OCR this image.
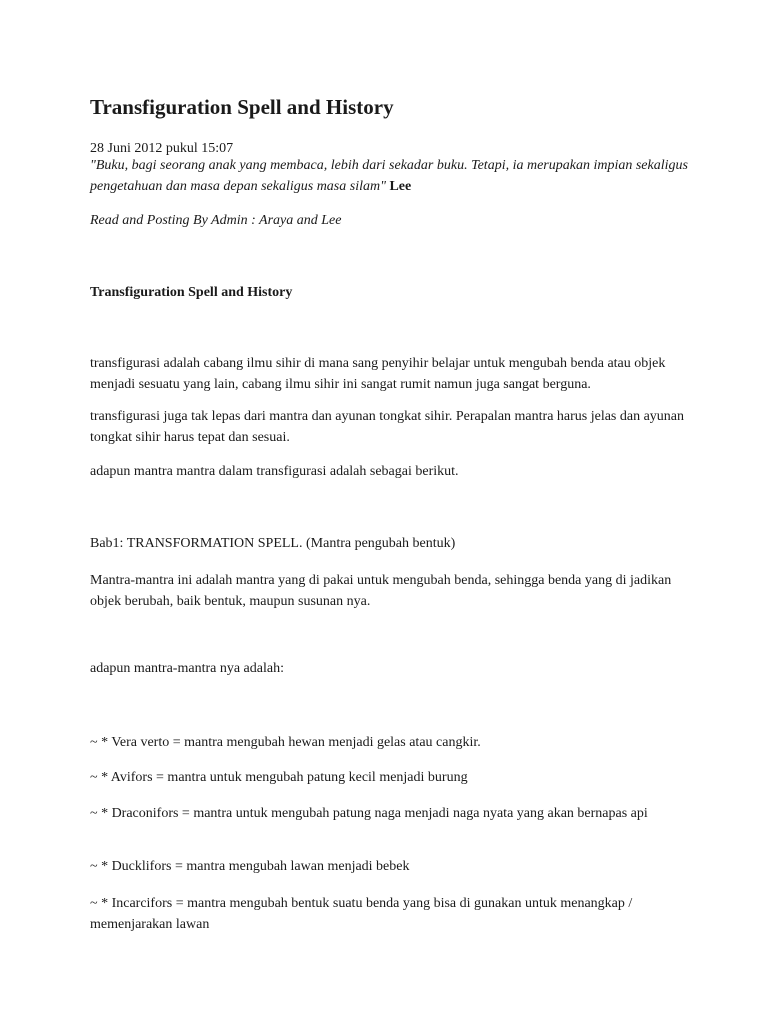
Transfiguration Spell and History
28 Juni 2012 pukul 15:07
"Buku, bagi seorang anak yang membaca, lebih dari sekadar buku. Tetapi, ia merupakan impian sekaligus pengetahuan dan masa depan sekaligus masa silam" Lee
Read and Posting By Admin : Araya and Lee
Transfiguration Spell and History
transfigurasi adalah cabang ilmu sihir di mana sang penyihir belajar untuk mengubah benda atau objek menjadi sesuatu yang lain, cabang ilmu sihir ini sangat rumit namun juga sangat berguna.
transfigurasi juga tak lepas dari mantra dan ayunan tongkat sihir. Perapalan mantra harus jelas dan ayunan tongkat sihir harus tepat dan sesuai.
adapun mantra mantra dalam transfigurasi adalah sebagai berikut.
Bab1: TRANSFORMATION SPELL. (Mantra pengubah bentuk)
Mantra-mantra ini adalah mantra yang di pakai untuk mengubah benda, sehingga benda yang di jadikan objek berubah, baik bentuk, maupun susunan nya.
adapun mantra-mantra nya adalah:
~ * Vera verto = mantra mengubah hewan menjadi gelas atau cangkir.
~ * Avifors = mantra untuk mengubah patung kecil menjadi burung
~ * Draconifors = mantra untuk mengubah patung naga menjadi naga nyata yang akan bernapas api
~ * Ducklifors = mantra mengubah lawan menjadi bebek
~ * Incarcifors = mantra mengubah bentuk suatu benda yang bisa di gunakan untuk menangkap / memenjarakan lawan
